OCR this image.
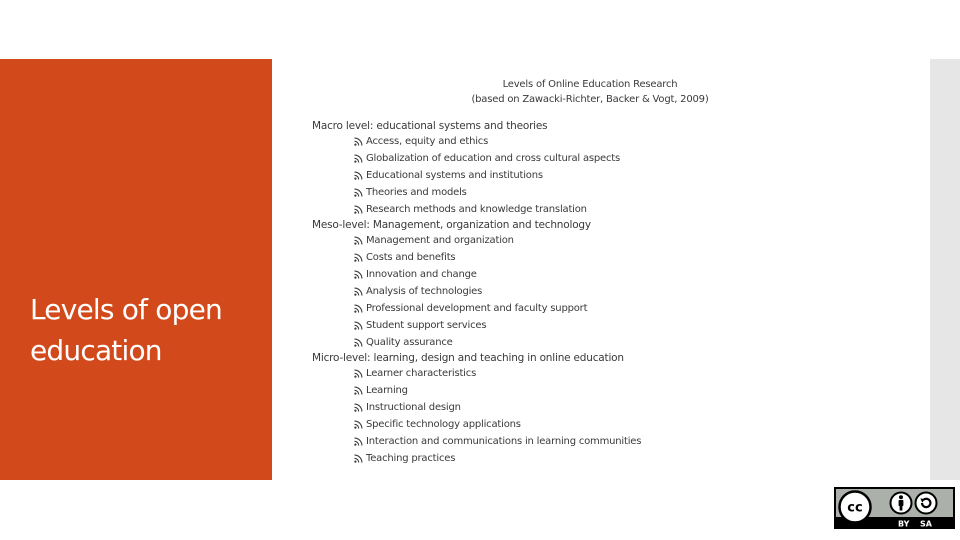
Levels of open education
Levels of Online Education Research
(based on Zawacki-Richter, Backer & Vogt, 2009)
Macro level: educational systems and theories
Access, equity and ethics
Globalization of education and cross cultural aspects
Educational systems and institutions
Theories and models
Research methods and knowledge translation
Meso-level: Management, organization and technology
Management and organization
Costs and benefits
Innovation and change
Analysis of technologies
Professional development and faculty support
Student support services
Quality assurance
Micro-level: learning, design and teaching in online education
Learner characteristics
Learning
Instructional design
Specific technology applications
Interaction and communications in learning communities
Teaching practices
cc
BY SA
